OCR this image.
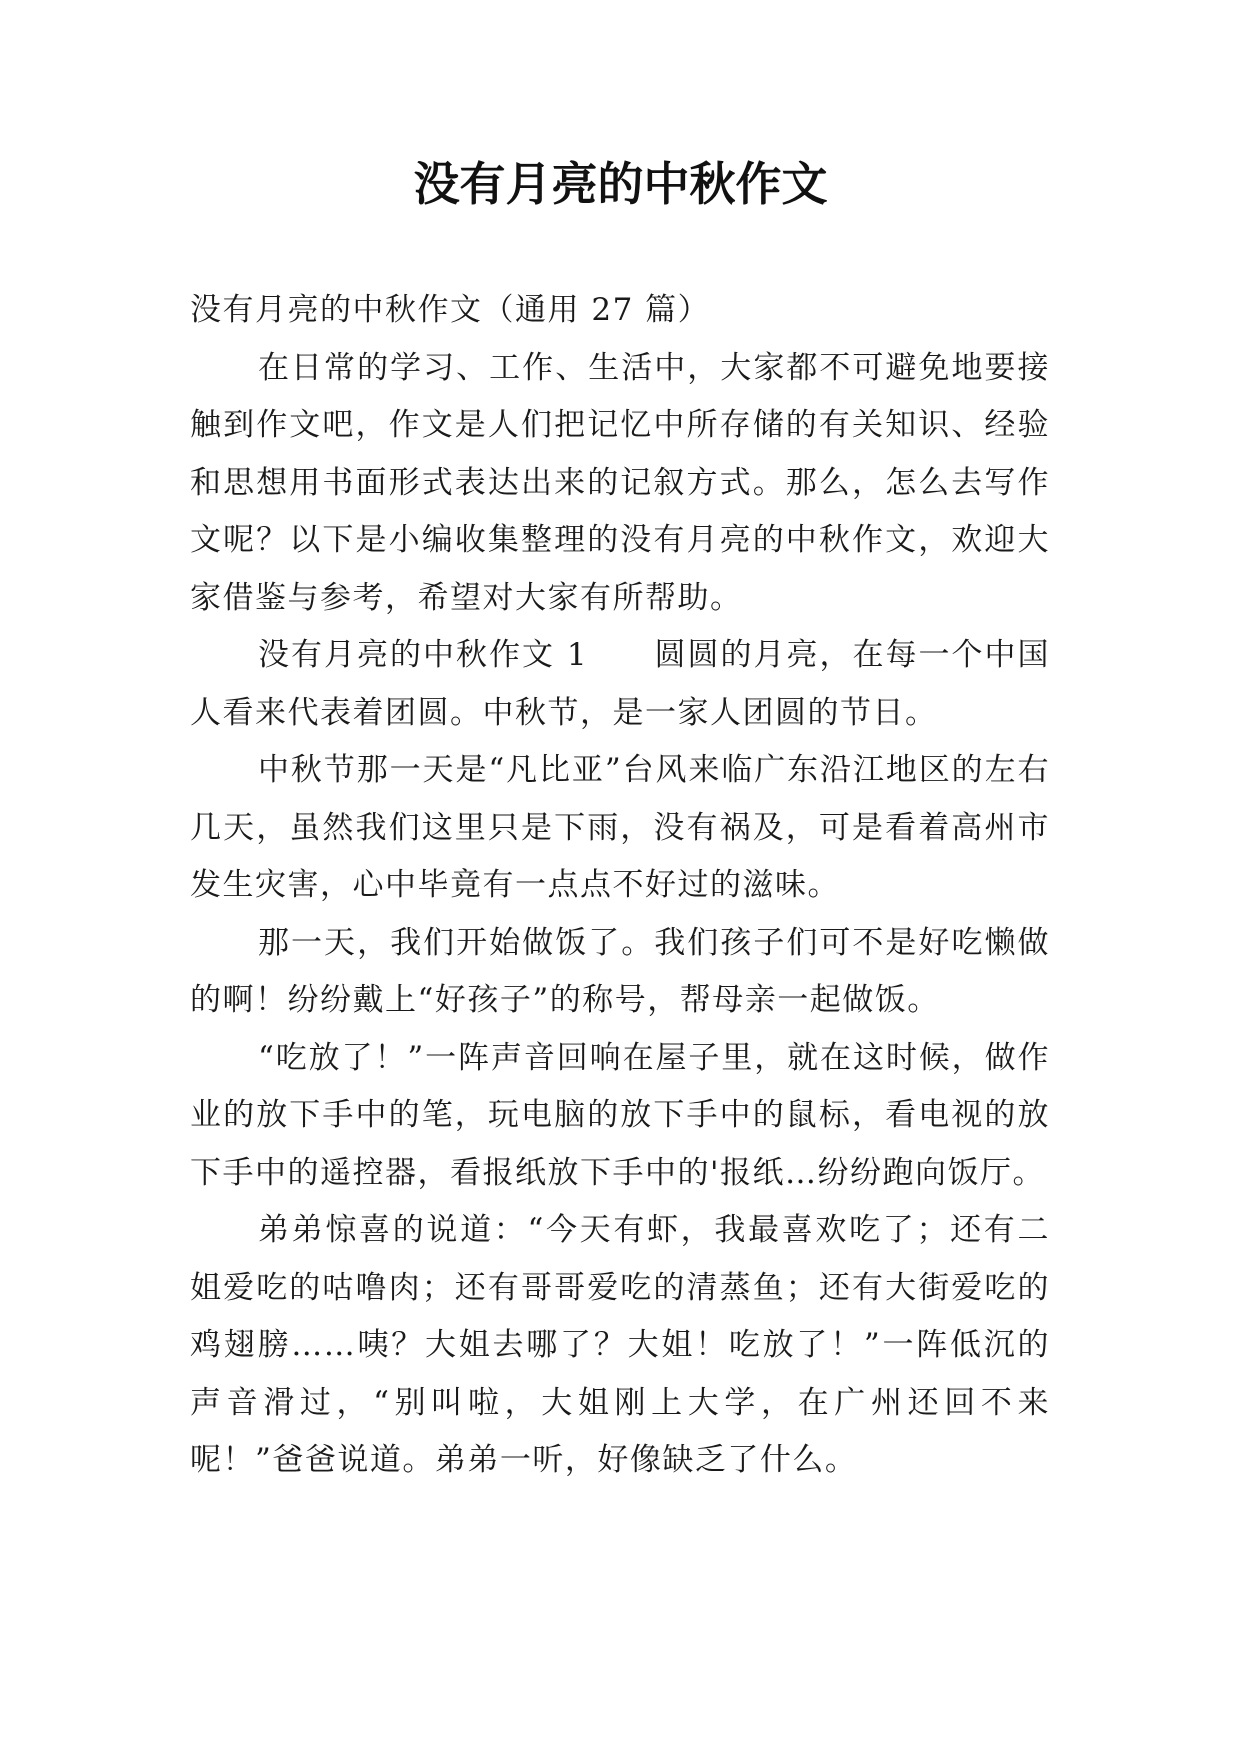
没有月亮的中秋作文

没有月亮的中秋作文（通用 27 篇）

在日常的学习、工作、生活中，大家都不可避免地要接触到作文吧，作文是人们把记忆中所存储的有关知识、经验和思想用书面形式表达出来的记叙方式。那么，怎么去写作文呢？以下是小编收集整理的没有月亮的中秋作文，欢迎大家借鉴与参考，希望对大家有所帮助。

没有月亮的中秋作文 1　　圆圆的月亮，在每一个中国人看来代表着团圆。中秋节，是一家人团圆的节日。

中秋节那一天是“凡比亚”台风来临广东沿江地区的左右几天，虽然我们这里只是下雨，没有祸及，可是看着高州市发生灾害，心中毕竟有一点点不好过的滋味。

那一天，我们开始做饭了。我们孩子们可不是好吃懒做的啊！纷纷戴上“好孩子”的称号，帮母亲一起做饭。

“吃放了！”一阵声音回响在屋子里，就在这时候，做作业的放下手中的笔，玩电脑的放下手中的鼠标，看电视的放下手中的遥控器，看报纸放下手中的'报纸…纷纷跑向饭厅。

弟弟惊喜的说道：“今天有虾，我最喜欢吃了；还有二姐爱吃的咕噜肉；还有哥哥爱吃的清蒸鱼；还有大街爱吃的鸡翅膀……咦？大姐去哪了？大姐！吃放了！”一阵低沉的声音滑过，“别叫啦，大姐刚上大学，在广州还回不来呢！”爸爸说道。弟弟一听，好像缺乏了什么。
